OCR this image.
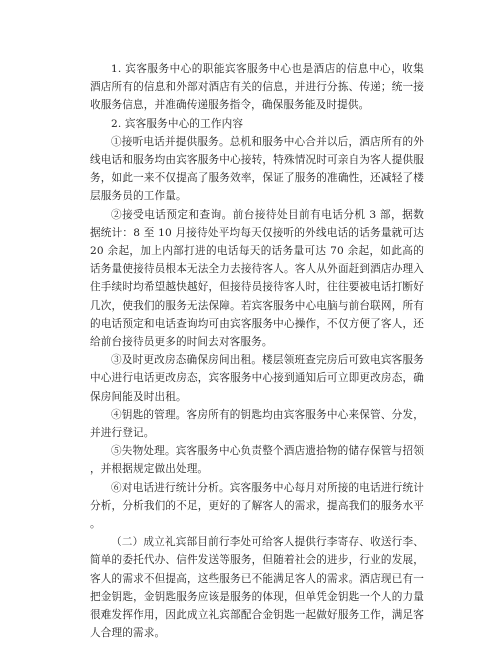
1. 宾客服务中心的职能宾客服务中心也是酒店的信息中心，收集酒店所有的信息和外部对酒店有关的信息，并进行分拣、传递；统一接收服务信息，并准确传递服务指令，确保服务能及时提供。

2. 宾客服务中心的工作内容

①接听电话并提供服务。总机和服务中心合并以后，酒店所有的外线电话和服务均由宾客服务中心接转，特殊情况时可亲自为客人提供服务，如此一来不仅提高了服务效率，保证了服务的准确性，还减轻了楼层服务员的工作量。

②接受电话预定和查询。前台接待处目前有电话分机 3 部，据数据统计：8 至 10 月接待处平均每天仅接听的外线电话的话务量就可达 20 余起，加上内部打进的电话每天的话务量可达 70 余起，如此高的话务量使接待员根本无法全力去接待客人。客人从外面赶到酒店办理入住手续时均希望越快越好，但接待员接待客人时，往往要被电话打断好几次，使我们的服务无法保障。若宾客服务中心电脑与前台联网，所有的电话预定和电话查询均可由宾客服务中心操作，不仅方便了客人，还给前台接待员更多的时间去对客服务。

③及时更改房态确保房间出租。楼层领班查完房后可致电宾客服务中心进行电话更改房态，宾客服务中心接到通知后可立即更改房态，确保房间能及时出租。

④钥匙的管理。客房所有的钥匙均由宾客服务中心来保管、分发，并进行登记。

⑤失物处理。宾客服务中心负责整个酒店遗拾物的储存保管与招领，并根据规定做出处理。

⑥对电话进行统计分析。宾客服务中心每月对所接的电话进行统计分析，分析我们的不足，更好的了解客人的需求，提高我们的服务水平。

（二）成立礼宾部目前行李处可给客人提供行李寄存、收送行李、简单的委托代办、信件发送等服务，但随着社会的进步，行业的发展，客人的需求不但提高，这些服务已不能满足客人的需求。酒店现已有一把金钥匙，金钥匙服务应该是服务的体现，但单凭金钥匙一个人的力量很难发挥作用，因此成立礼宾部配合金钥匙一起做好服务工作，满足客人合理的需求。
